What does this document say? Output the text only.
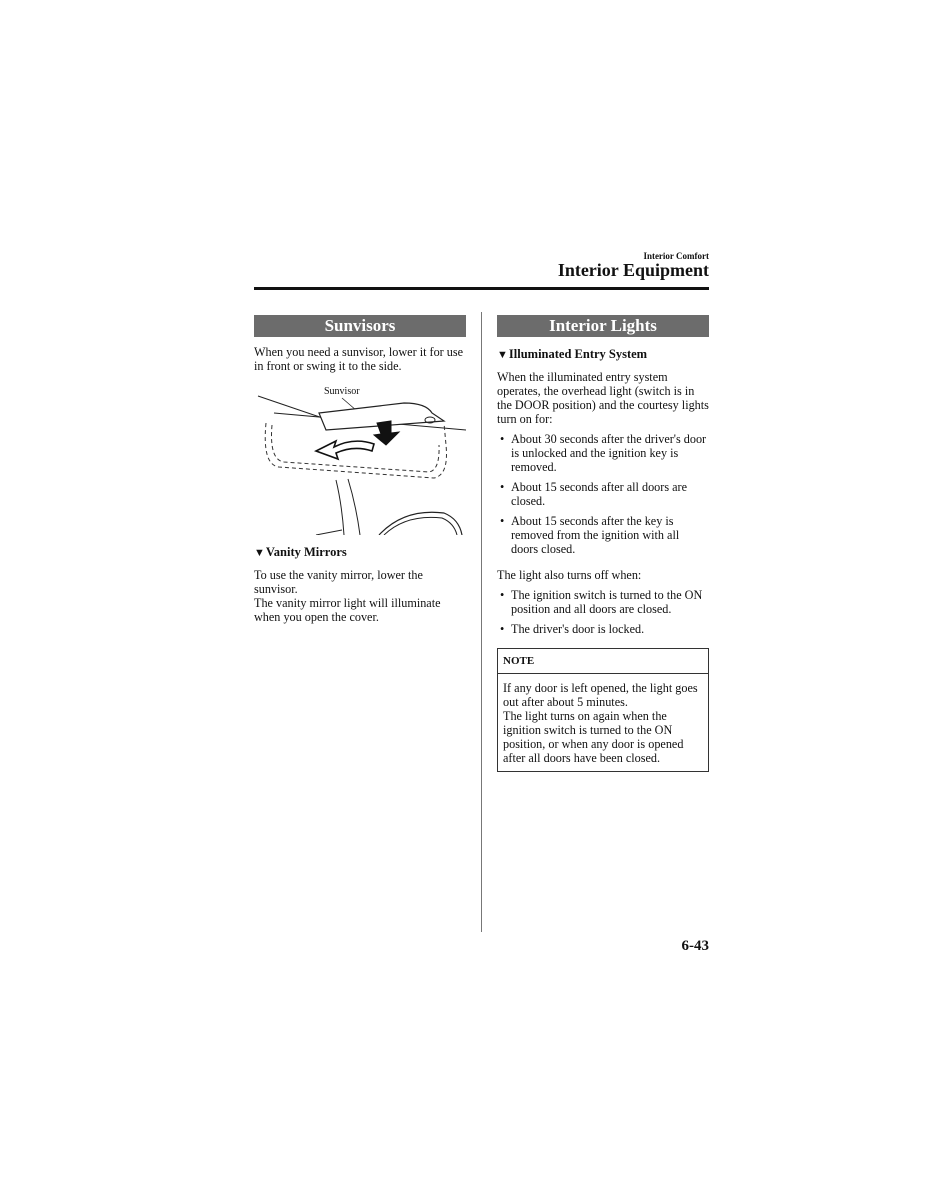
Interior Comfort
Interior Equipment
Sunvisors

When you need a sunvisor, lower it for use in front or swing it to the side.

Sunvisor

▼Vanity Mirrors

To use the vanity mirror, lower the sunvisor.

The vanity mirror light will illuminate when you open the cover.

Interior Lights

▼Illuminated Entry System

When the illuminated entry system operates, the overhead light (switch is in the DOOR position) and the courtesy lights turn on for:

• About 30 seconds after the driver's door is unlocked and the ignition key is removed.
• About 15 seconds after all doors are closed.
• About 15 seconds after the key is removed from the ignition with all doors closed.

The light also turns off when:

• The ignition switch is turned to the ON position and all doors are closed.
• The driver's door is locked.
NOTE

If any door is left opened, the light goes out after about 5 minutes.

The light turns on again when the ignition switch is turned to the ON position, or when any door is opened after all doors have been closed.

6-43
